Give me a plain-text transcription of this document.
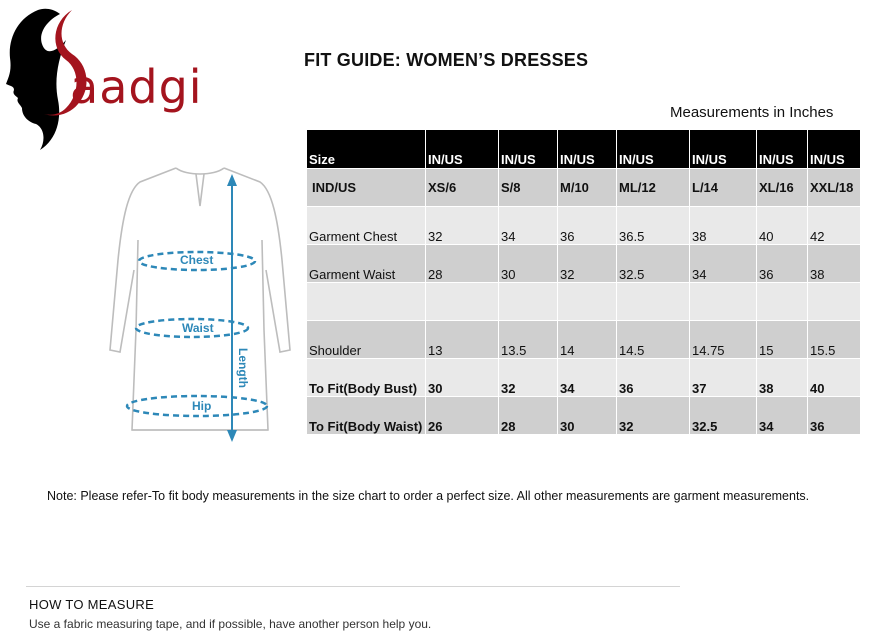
aadgi	FIT GUIDE: WOMEN’S DRESSES
Measurements in Inches
Chest
Waist
Hip
Length
Size	IN/US	IN/US	IN/US	IN/US	IN/US	IN/US	IN/US
IND/US	XS/6	S/8	M/10	ML/12	L/14	XL/16	XXL/18
Garment Chest	32	34	36	36.5	38	40	42
Garment Waist	28	30	32	32.5	34	36	38

Shoulder	13	13.5	14	14.5	14.75	15	15.5
To Fit(Body Bust)	30	32	34	36	37	38	40
To Fit(Body Waist)	26	28	30	32	32.5	34	36
Note: Please refer-To fit body measurements in the size chart to order a perfect size. All other measurements are garment measurements.
HOW TO MEASURE
Use a fabric measuring tape, and if possible, have another person help you.
